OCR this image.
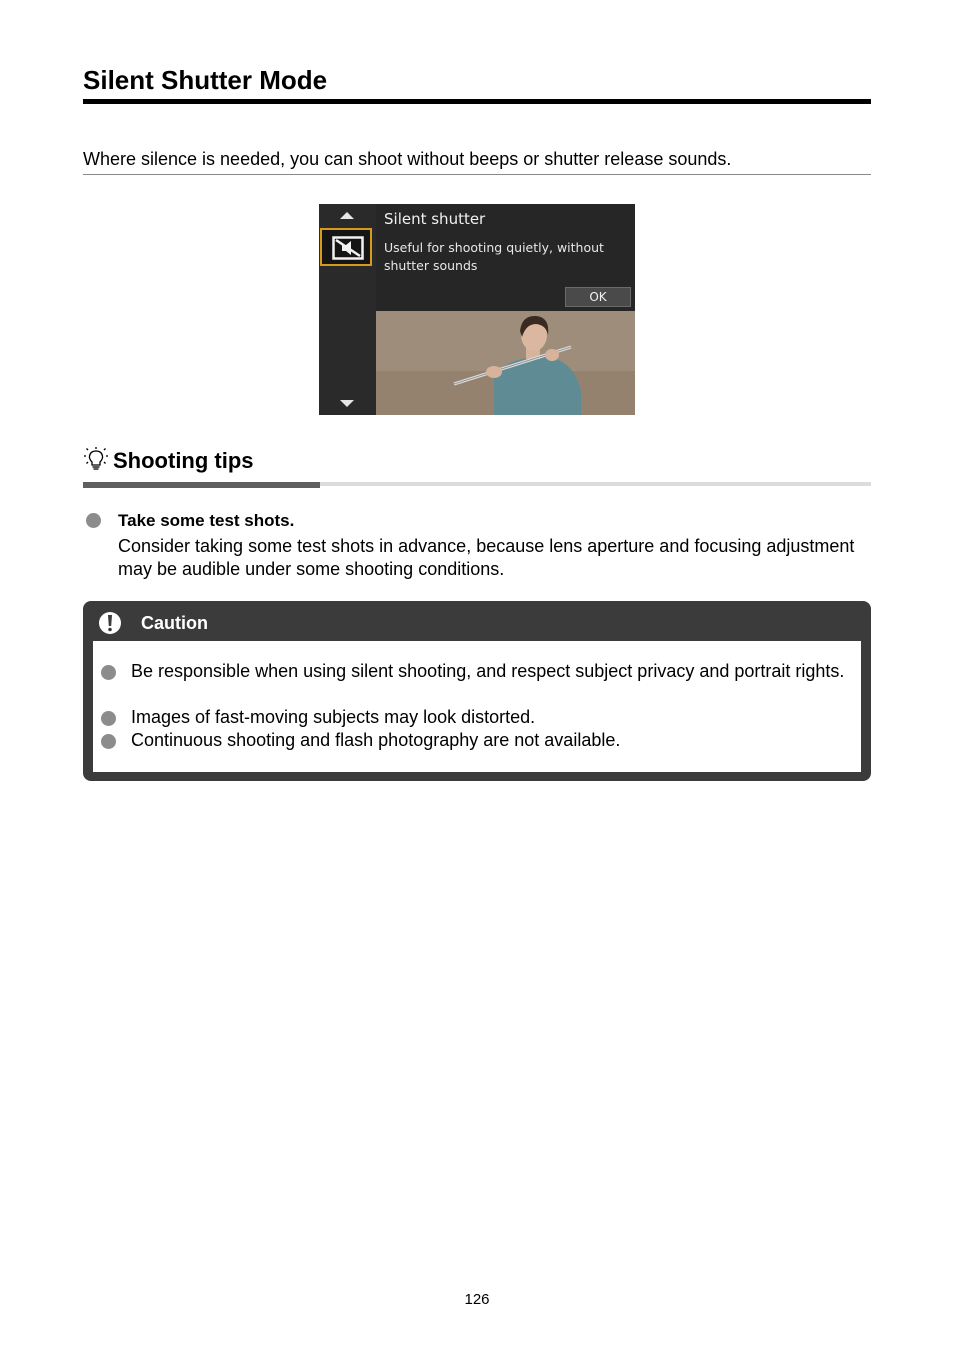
Silent Shutter Mode
Where silence is needed, you can shoot without beeps or shutter release sounds.
Silent shutter
Useful for shooting quietly, without shutter sounds
OK
Shooting tips
Take some test shots.
Consider taking some test shots in advance, because lens aperture and focusing adjustment may be audible under some shooting conditions.
Caution
Be responsible when using silent shooting, and respect subject privacy and portrait rights.
Images of fast-moving subjects may look distorted.
Continuous shooting and flash photography are not available.
126
